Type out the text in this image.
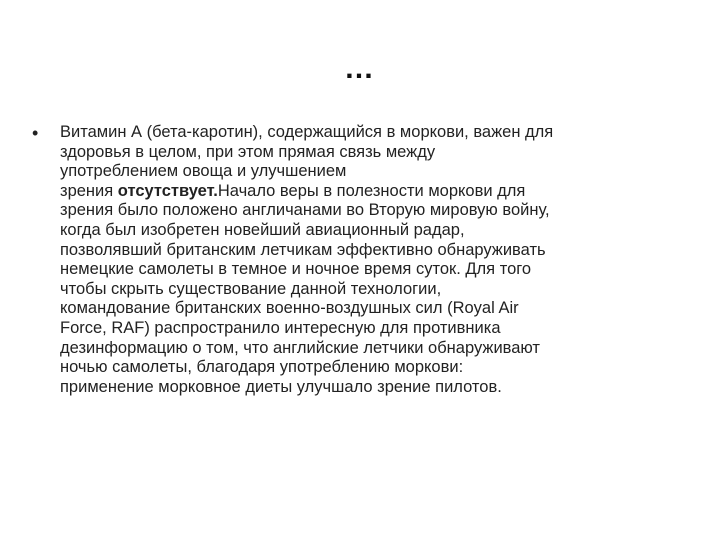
…
•	Витамин А (бета-каротин), содержащийся в моркови, важен для
здоровья в целом, при этом прямая связь между
употреблением овоща и улучшением
зрения отсутствует.Начало веры в полезности моркови для
зрения было положено англичанами во Вторую мировую войну,
когда был изобретен новейший авиационный радар,
позволявший британским летчикам эффективно обнаруживать
немецкие самолеты в темное и ночное время суток. Для того
чтобы скрыть существование данной технологии,
командование британских военно-воздушных сил (Royal Air
Force, RAF) распространило интересную для противника
дезинформацию о том, что английские летчики обнаруживают
ночью самолеты, благодаря употреблению моркови:
применение морковное диеты улучшало зрение пилотов.
